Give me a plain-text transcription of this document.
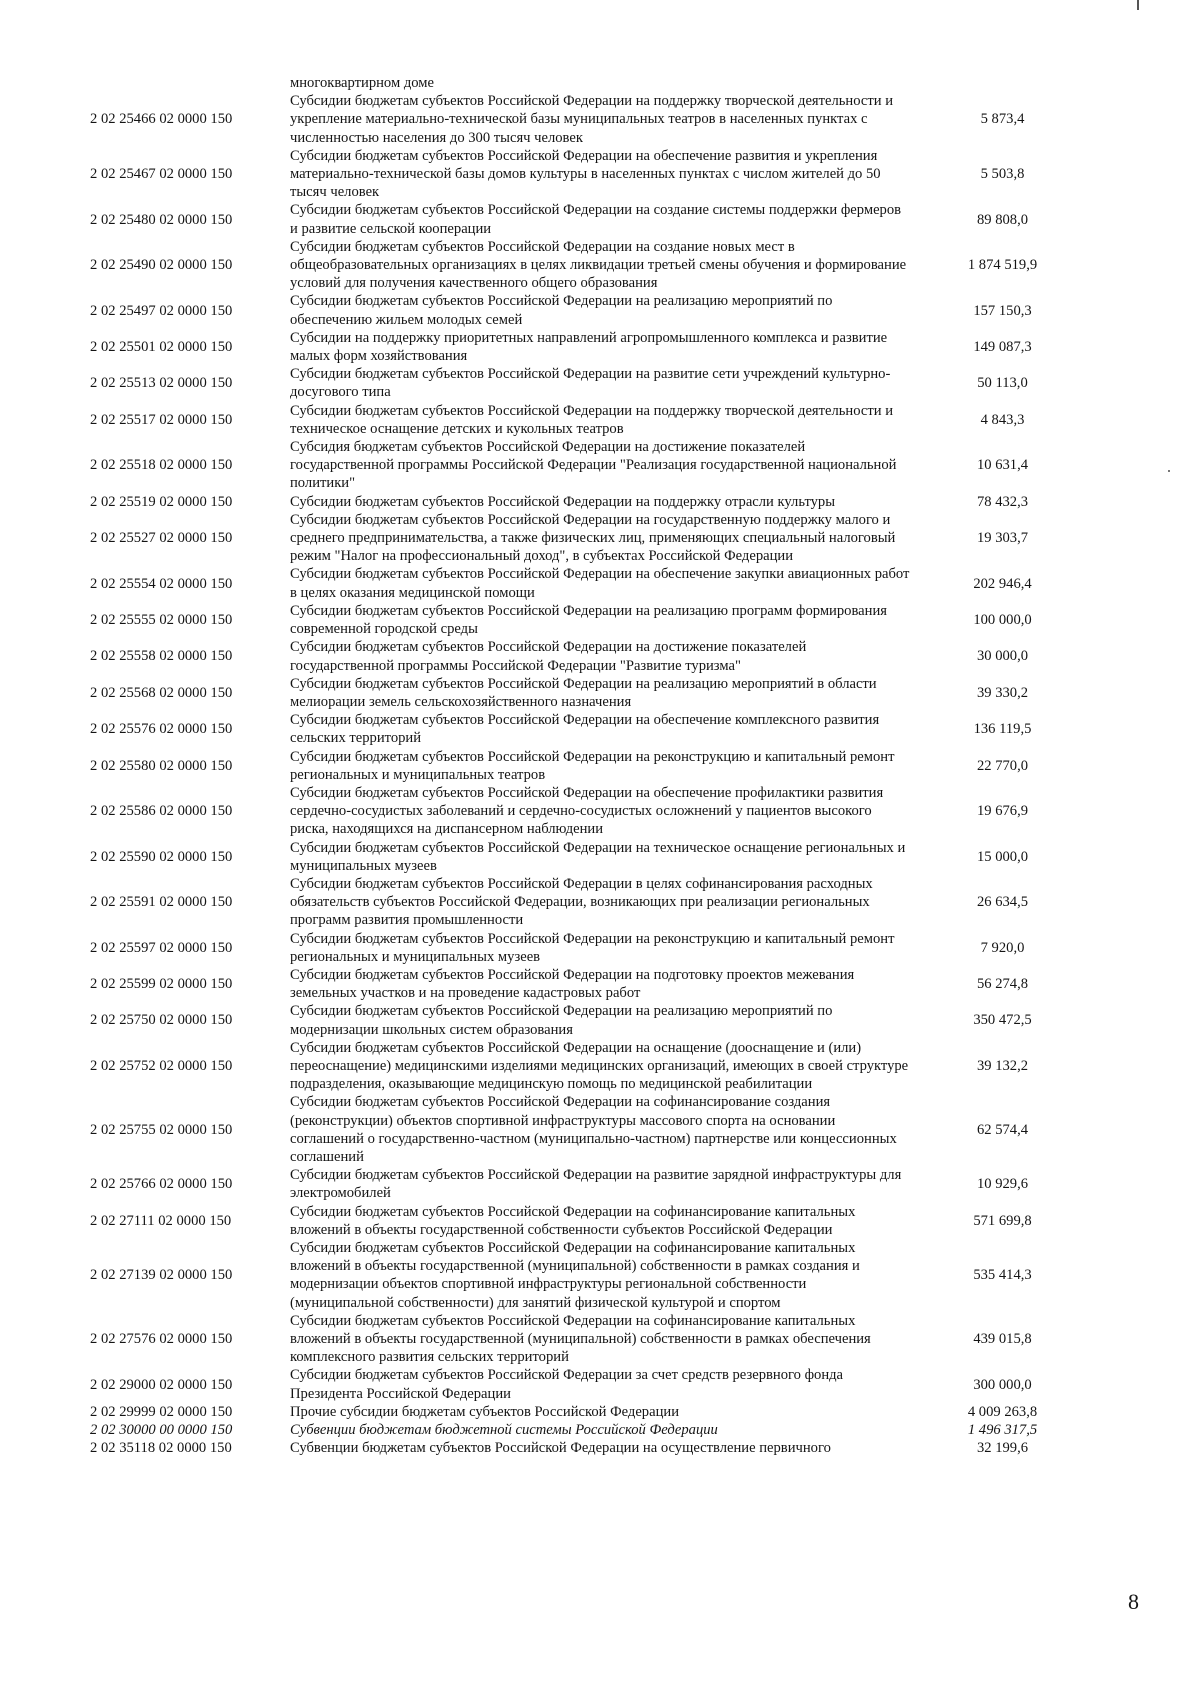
	многоквартирном доме	
2 02 25466 02 0000 150	Субсидии бюджетам субъектов Российской Федерации на поддержку творческой деятельности и укрепление материально-технической базы муниципальных театров в населенных пунктах с численностью населения до 300 тысяч человек	5 873,4
2 02 25467 02 0000 150	Субсидии бюджетам субъектов Российской Федерации на обеспечение развития и укрепления материально-технической базы домов культуры в населенных пунктах с числом жителей до 50 тысяч человек	5 503,8
2 02 25480 02 0000 150	Субсидии бюджетам субъектов Российской Федерации на создание системы поддержки фермеров и развитие сельской кооперации	89 808,0
2 02 25490 02 0000 150	Субсидии бюджетам субъектов Российской Федерации на создание новых мест в общеобразовательных организациях в целях ликвидации третьей смены обучения и формирование условий для получения качественного общего образования	1 874 519,9
2 02 25497 02 0000 150	Субсидии бюджетам субъектов Российской Федерации на реализацию мероприятий по обеспечению жильем молодых семей	157 150,3
2 02 25501 02 0000 150	Субсидии на поддержку приоритетных направлений агропромышленного комплекса и развитие малых форм хозяйствования	149 087,3
2 02 25513 02 0000 150	Субсидии бюджетам субъектов Российской Федерации на развитие сети учреждений культурно-досугового типа	50 113,0
2 02 25517 02 0000 150	Субсидии бюджетам субъектов Российской Федерации на поддержку творческой деятельности и техническое оснащение детских и кукольных театров	4 843,3
2 02 25518 02 0000 150	Субсидия бюджетам субъектов Российской Федерации на достижение показателей государственной программы Российской Федерации "Реализация государственной национальной политики"	10 631,4
2 02 25519 02 0000 150	Субсидии бюджетам субъектов Российской Федерации на поддержку отрасли культуры	78 432,3
2 02 25527 02 0000 150	Субсидии бюджетам субъектов Российской Федерации на государственную поддержку малого и среднего предпринимательства, а также физических лиц, применяющих специальный налоговый режим "Налог на профессиональный доход", в субъектах Российской Федерации	19 303,7
2 02 25554 02 0000 150	Субсидии бюджетам субъектов Российской Федерации на обеспечение закупки авиационных работ в целях оказания медицинской помощи	202 946,4
2 02 25555 02 0000 150	Субсидии бюджетам субъектов Российской Федерации на реализацию программ формирования современной городской среды	100 000,0
2 02 25558 02 0000 150	Субсидии бюджетам субъектов Российской Федерации на достижение показателей государственной программы Российской Федерации "Развитие туризма"	30 000,0
2 02 25568 02 0000 150	Субсидии бюджетам субъектов Российской Федерации на реализацию мероприятий в области мелиорации земель сельскохозяйственного назначения	39 330,2
2 02 25576 02 0000 150	Субсидии бюджетам субъектов Российской Федерации на обеспечение комплексного развития сельских территорий	136 119,5
2 02 25580 02 0000 150	Субсидии бюджетам субъектов Российской Федерации на реконструкцию и капитальный ремонт региональных и муниципальных театров	22 770,0
2 02 25586 02 0000 150	Субсидии бюджетам субъектов Российской Федерации на обеспечение профилактики развития сердечно-сосудистых заболеваний и сердечно-сосудистых осложнений у пациентов высокого риска, находящихся на диспансерном наблюдении	19 676,9
2 02 25590 02 0000 150	Субсидии бюджетам субъектов Российской Федерации на техническое оснащение региональных и муниципальных музеев	15 000,0
2 02 25591 02 0000 150	Субсидии бюджетам субъектов Российской Федерации в целях софинансирования расходных обязательств субъектов Российской Федерации, возникающих при реализации региональных программ развития промышленности	26 634,5
2 02 25597 02 0000 150	Субсидии бюджетам субъектов Российской Федерации на реконструкцию и капитальный ремонт региональных и муниципальных музеев	7 920,0
2 02 25599 02 0000 150	Субсидии бюджетам субъектов Российской Федерации на подготовку проектов межевания земельных участков и на проведение кадастровых работ	56 274,8
2 02 25750 02 0000 150	Субсидии бюджетам субъектов Российской Федерации на реализацию мероприятий по модернизации школьных систем образования	350 472,5
2 02 25752 02 0000 150	Субсидии бюджетам субъектов Российской Федерации на оснащение (дооснащение и (или) переоснащение) медицинскими изделиями медицинских организаций, имеющих в своей структуре подразделения, оказывающие медицинскую помощь по медицинской реабилитации	39 132,2
2 02 25755 02 0000 150	Субсидии бюджетам субъектов Российской Федерации на софинансирование создания (реконструкции) объектов спортивной инфраструктуры массового спорта на основании соглашений о государственно-частном (муниципально-частном) партнерстве или концессионных соглашений	62 574,4
2 02 25766 02 0000 150	Субсидии бюджетам субъектов Российской Федерации на развитие зарядной инфраструктуры для электромобилей	10 929,6
2 02 27111 02 0000 150	Субсидии бюджетам субъектов Российской Федерации на софинансирование капитальных вложений в объекты государственной собственности субъектов Российской Федерации	571 699,8
2 02 27139 02 0000 150	Субсидии бюджетам субъектов Российской Федерации на софинансирование капитальных вложений в объекты государственной (муниципальной) собственности в рамках создания и модернизации объектов спортивной инфраструктуры региональной собственности (муниципальной собственности) для занятий физической культурой и спортом	535 414,3
2 02 27576 02 0000 150	Субсидии бюджетам субъектов Российской Федерации на софинансирование капитальных вложений в объекты государственной (муниципальной) собственности в рамках обеспечения комплексного развития сельских территорий	439 015,8
2 02 29000 02 0000 150	Субсидии бюджетам субъектов Российской Федерации за счет средств резервного фонда Президента Российской Федерации	300 000,0
2 02 29999 02 0000 150	Прочие субсидии бюджетам субъектов Российской Федерации	4 009 263,8
2 02 30000 00 0000 150	Субвенции бюджетам бюджетной системы Российской Федерации	1 496 317,5
2 02 35118 02 0000 150	Субвенции бюджетам субъектов Российской Федерации на осуществление первичного	32 199,6
8
